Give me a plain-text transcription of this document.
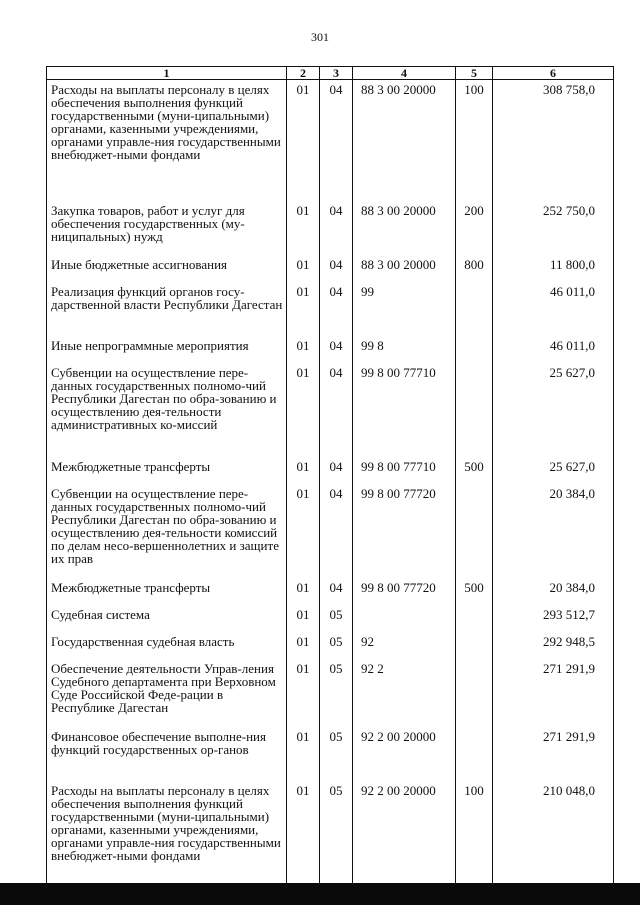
301
1	2	3	4	5	6
Расходы на выплаты персоналу в целях обеспечения выполнения функций государственными (муни-ципальными) органами, казенными учреждениями, органами управле-ния государственными внебюджет-ными фондами	01	04	88 3 00 20000	100	308 758,0
Закупка товаров, работ и услуг для обеспечения государственных (му-ниципальных) нужд	01	04	88 3 00 20000	200	252 750,0
Иные бюджетные ассигнования	01	04	88 3 00 20000	800	11 800,0
Реализация функций органов госу-дарственной власти Республики Дагестан	01	04	99		46 011,0
Иные непрограммные мероприятия	01	04	99 8		46 011,0
Субвенции на осуществление пере-данных государственных полномо-чий Республики Дагестан по обра-зованию и осуществлению дея-тельности административных ко-миссий	01	04	99 8 00 77710		25 627,0
Межбюджетные трансферты	01	04	99 8 00 77710	500	25 627,0
Субвенции на осуществление пере-данных государственных полномо-чий Республики Дагестан по обра-зованию и осуществлению дея-тельности комиссий по делам несо-вершеннолетних и защите их прав	01	04	99 8 00 77720		20 384,0
Межбюджетные трансферты	01	04	99 8 00 77720	500	20 384,0
Судебная система	01	05			293 512,7
Государственная судебная власть	01	05	92		292 948,5
Обеспечение деятельности Управ-ления Судебного департамента при Верховном Суде Российской Феде-рации в Республике Дагестан	01	05	92 2		271 291,9
Финансовое обеспечение выполне-ния функций государственных ор-ганов	01	05	92 2 00 20000		271 291,9
Расходы на выплаты персоналу в целях обеспечения выполнения функций государственными (муни-ципальными) органами, казенными учреждениями, органами управле-ния государственными внебюджет-ными фондами	01	05	92 2 00 20000	100	210 048,0
